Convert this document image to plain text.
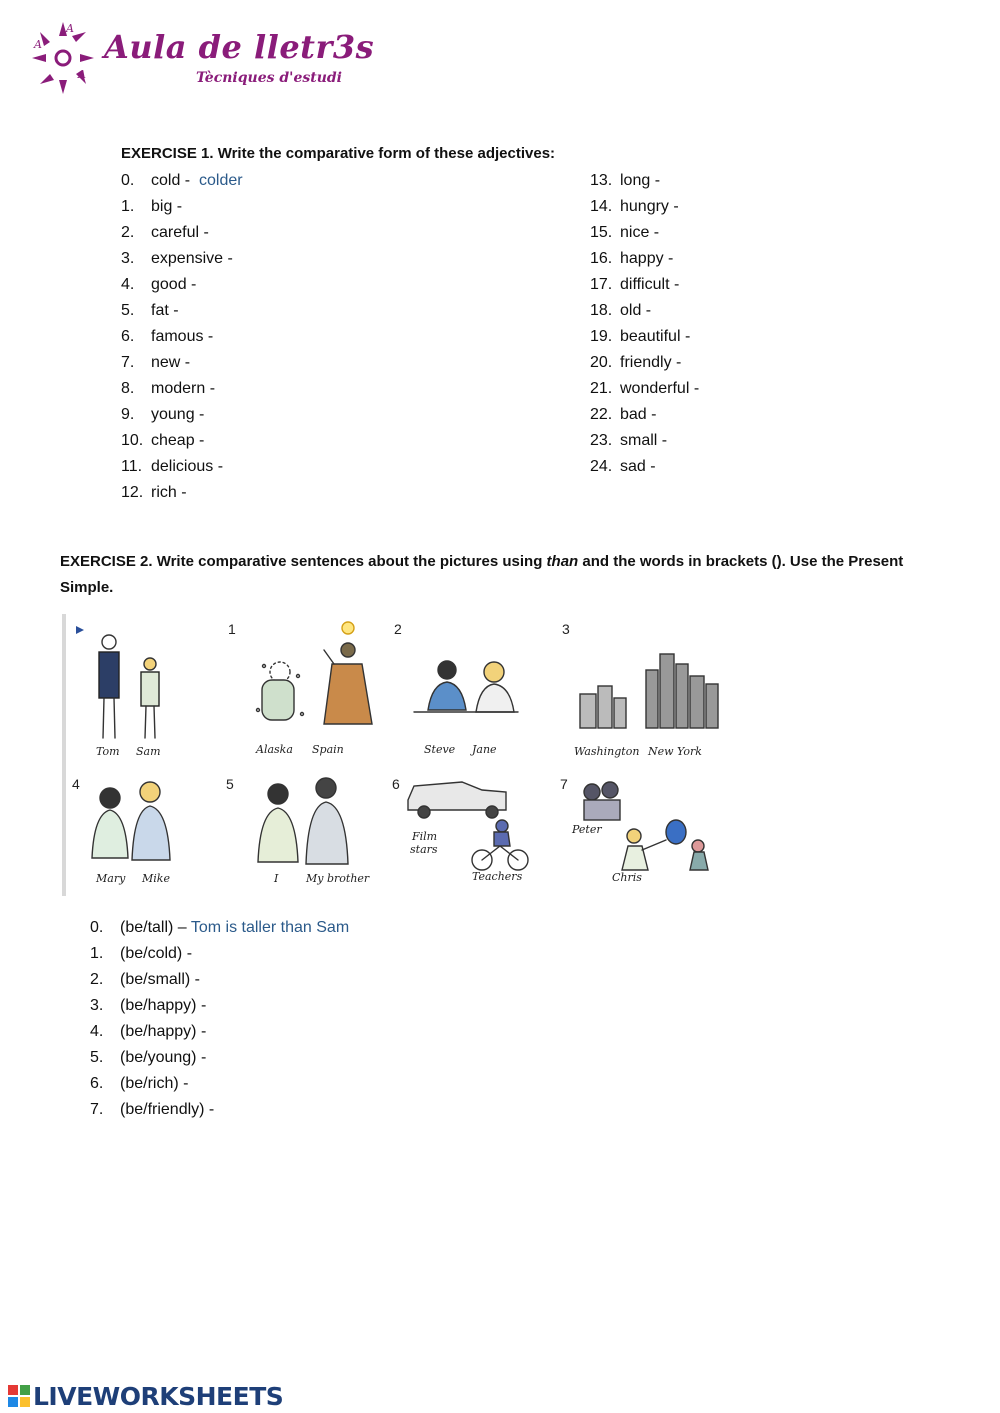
A
A
A
Aula de lletr3s
Tècniques d'estudi
EXERCISE 1. Write the comparative form of these adjectives:
0. cold - colder
1. big -
2. careful -
3. expensive -
4. good -
5. fat -
6. famous -
7. new -
8. modern -
9. young -
10. cheap -
11. delicious -
12. rich -
13. long -
14. hungry -
15. nice -
16. happy -
17. difficult -
18. old -
19. beautiful -
20. friendly -
21. wonderful -
22. bad -
23. small -
24. sad -
EXERCISE 2. Write comparative sentences about the pictures using than and the words in brackets (). Use the Present Simple.
1	2	3
4	5	6	7
Tom Sam	Alaska Spain	Steve Jane	Washington New York
Mary Mike	I	My brother
Film
stars
Teachers
Peter
Chris
0. (be/tall) – Tom is taller than Sam
1. (be/cold) -
2. (be/small) -
3. (be/happy) -
4. (be/happy) -
5. (be/young) -
6. (be/rich) -
7. (be/friendly) -
LIVEWORKSHEETS
